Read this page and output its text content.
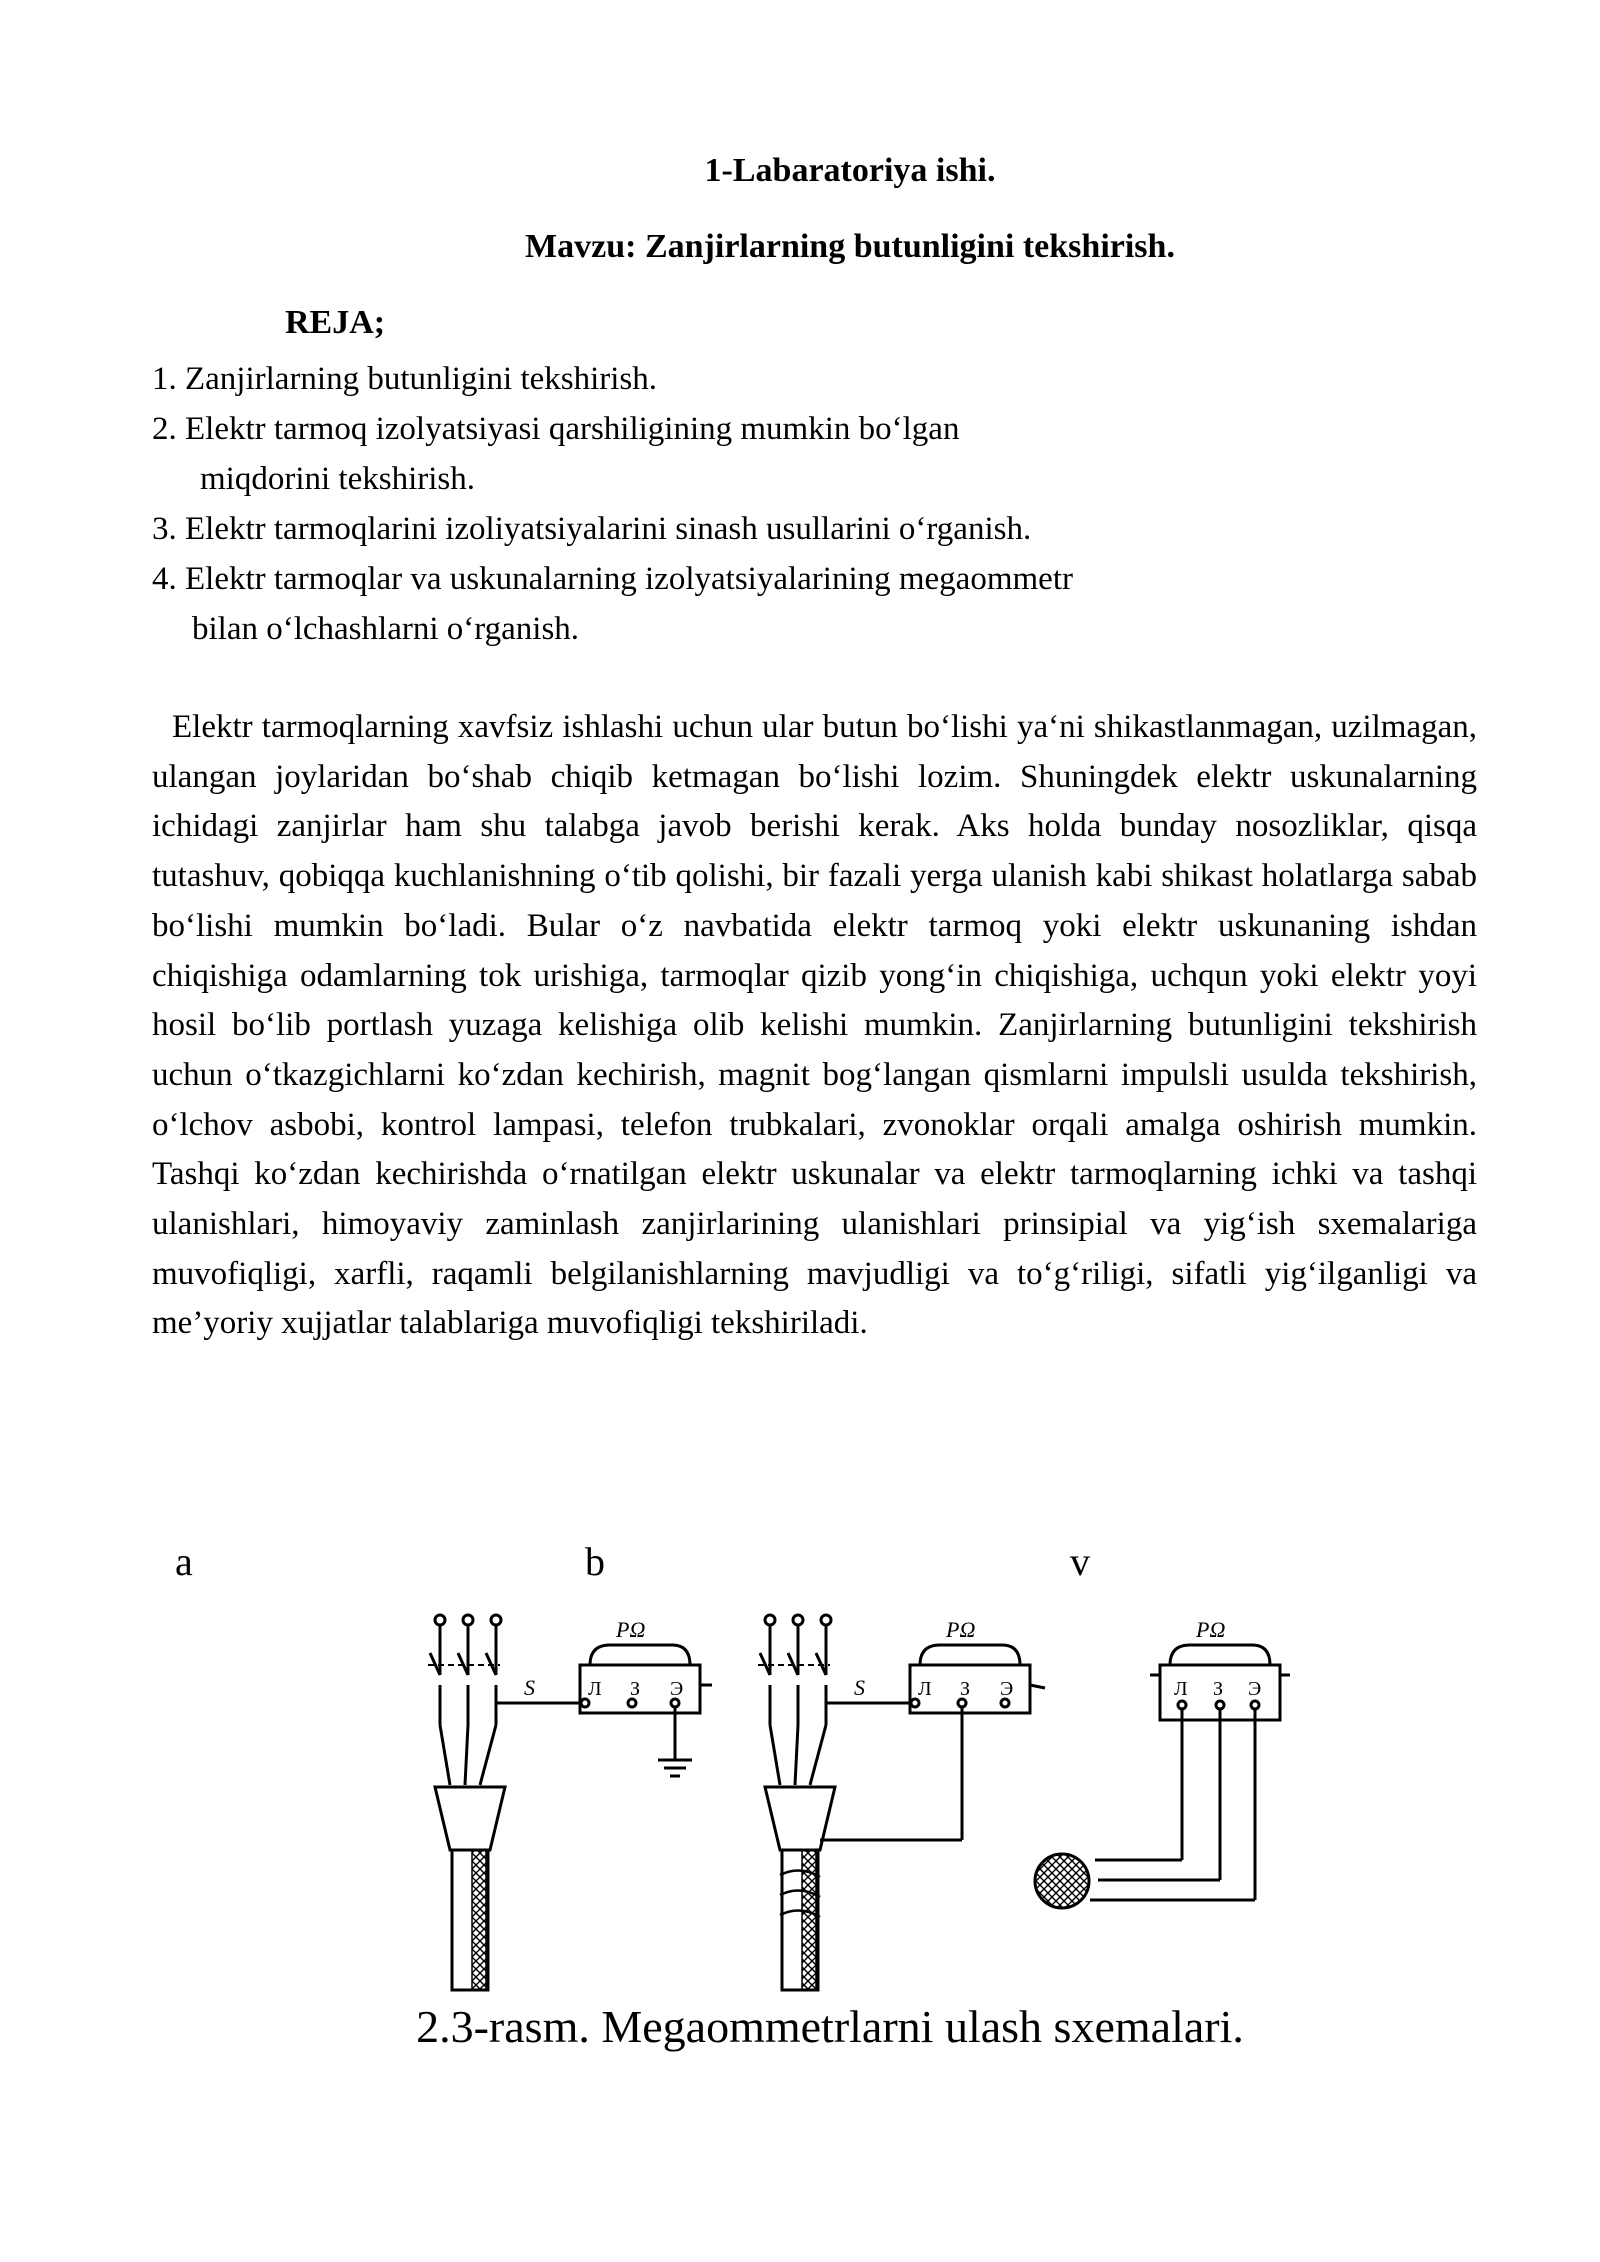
1-Labaratoriya ishi.
Mavzu: Zanjirlarning butunligini tekshirish.
REJA;
1. Zanjirlarning butunligini tekshirish.
2. Elektr tarmoq izolyatsiyasi qarshiligining mumkin bo‘lgan
miqdorini tekshirish.
3. Elektr tarmoqlarini izoliyatsiyalarini sinash usullarini o‘rganish.
4. Elektr tarmoqlar va uskunalarning izolyatsiyalarining megaommetr
bilan o‘lchashlarni o‘rganish.

Elektr tarmoqlarning xavfsiz ishlashi uchun ular butun bo‘lishi ya‘ni shikastlanmagan, uzilmagan, ulangan joylaridan bo‘shab chiqib ketmagan bo‘lishi lozim. Shuningdek elektr uskunalarning ichidagi zanjirlar ham shu talabga javob berishi kerak. Aks holda bunday nosozliklar, qisqa tutashuv, qobiqqa kuchlanishning o‘tib qolishi, bir fazali yerga ulanish kabi shikast holatlarga sabab bo‘lishi mumkin bo‘ladi. Bular o‘z navbatida elektr tarmoq yoki elektr uskunaning ishdan chiqishiga odamlarning tok urishiga, tarmoqlar qizib yong‘in chiqishiga, uchqun yoki elektr yoyi hosil bo‘lib portlash yuzaga kelishiga olib kelishi mumkin. Zanjirlarning butunligini tekshirish uchun o‘tkazgichlarni ko‘zdan kechirish, magnit bog‘langan qismlarni impulsli usulda tekshirish, o‘lchov asbobi, kontrol lampasi, telefon trubkalari, zvonoklar orqali amalga oshirish mumkin. Tashqi ko‘zdan kechirishda o‘rnatilgan elektr uskunalar va elektr tarmoqlarning ichki va tashqi ulanishlari, himoyaviy zaminlash zanjirlarining ulanishlari prinsipial va yig‘ish sxemalariga muvofiqligi, xarfli, raqamli belgilanishlarning mavjudligi va to‘g‘riligi, sifatli yig‘ilganligi va me’yoriy xujjatlar talablariga muvofiqligi tekshiriladi.

a	b	v
PΩ
Л З Э
S
PΩ
Л З Э
S
PΩ
Л З Э
2.3-rasm. Megaommetrlarni ulash sxemalari.
